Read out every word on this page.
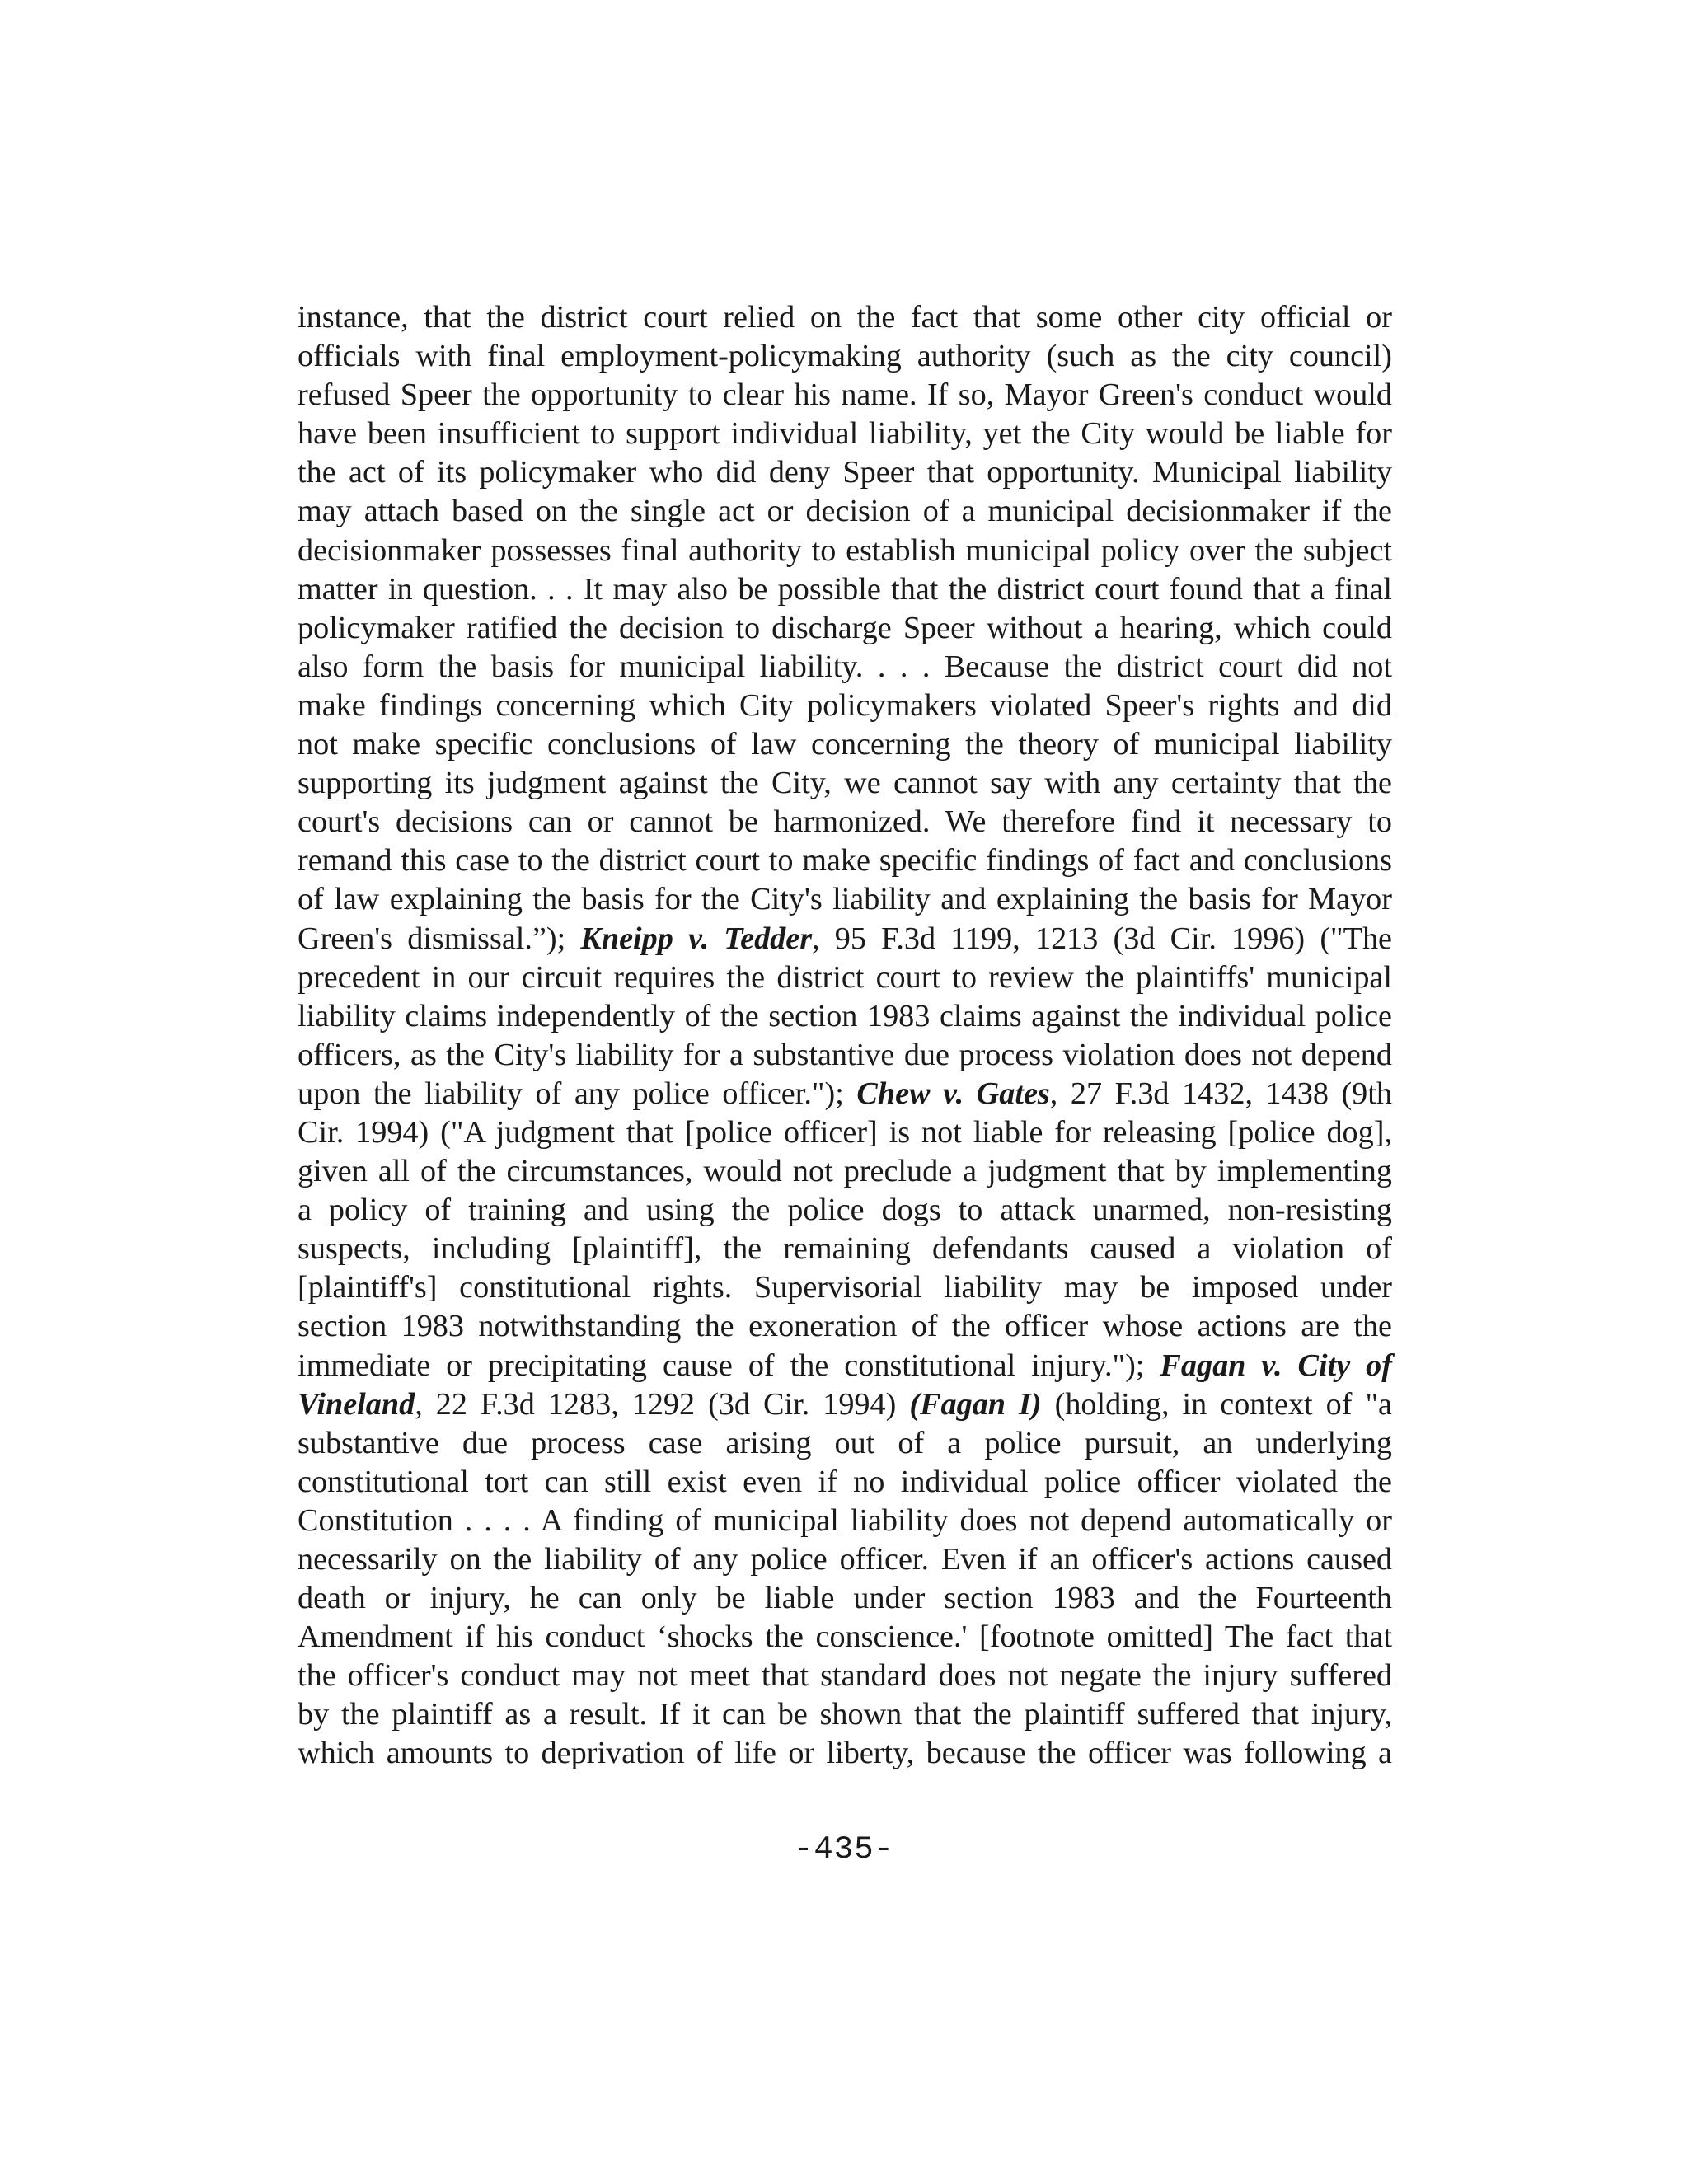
instance, that the district court relied on the fact that some other city official or
officials with final employment-policymaking authority (such as the city council)
refused Speer the opportunity to clear his name. If so, Mayor Green's conduct would
have been insufficient to support individual liability, yet the City would be liable for
the act of its policymaker who did deny Speer that opportunity. Municipal liability
may attach based on the single act or decision of a municipal decisionmaker if the
decisionmaker possesses final authority to establish municipal policy over the subject
matter in question. . . It may also be possible that the district court found that a final
policymaker ratified the decision to discharge Speer without a hearing, which could
also form the basis for municipal liability. . . . Because the district court did not
make findings concerning which City policymakers violated Speer's rights and did
not make specific conclusions of law concerning the theory of municipal liability
supporting its judgment against the City, we cannot say with any certainty that the
court's decisions can or cannot be harmonized. We therefore find it necessary to
remand this case to the district court to make specific findings of fact and conclusions
of law explaining the basis for the City's liability and explaining the basis for Mayor
Green's dismissal.”); Kneipp v. Tedder, 95 F.3d 1199, 1213 (3d Cir. 1996) ("The
precedent in our circuit requires the district court to review the plaintiffs' municipal
liability claims independently of the section 1983 claims against the individual police
officers, as the City's liability for a substantive due process violation does not depend
upon the liability of any police officer."); Chew v. Gates, 27 F.3d 1432, 1438 (9th
Cir. 1994) ("A judgment that [police officer] is not liable for releasing [police dog],
given all of the circumstances, would not preclude a judgment that by implementing
a policy of training and using the police dogs to attack unarmed, non-resisting
suspects, including [plaintiff], the remaining defendants caused a violation of
[plaintiff's] constitutional rights. Supervisorial liability may be imposed under
section 1983 notwithstanding the exoneration of the officer whose actions are the
immediate or precipitating cause of the constitutional injury."); Fagan v. City of
Vineland, 22 F.3d 1283, 1292 (3d Cir. 1994) (Fagan I) (holding, in context of "a
substantive due process case arising out of a police pursuit, an underlying
constitutional tort can still exist even if no individual police officer violated the
Constitution . . . . A finding of municipal liability does not depend automatically or
necessarily on the liability of any police officer. Even if an officer's actions caused
death or injury, he can only be liable under section 1983 and the Fourteenth
Amendment if his conduct ‘shocks the conscience.' [footnote omitted] The fact that
the officer's conduct may not meet that standard does not negate the injury suffered
by the plaintiff as a result. If it can be shown that the plaintiff suffered that injury,
which amounts to deprivation of life or liberty, because the officer was following a

-435-
